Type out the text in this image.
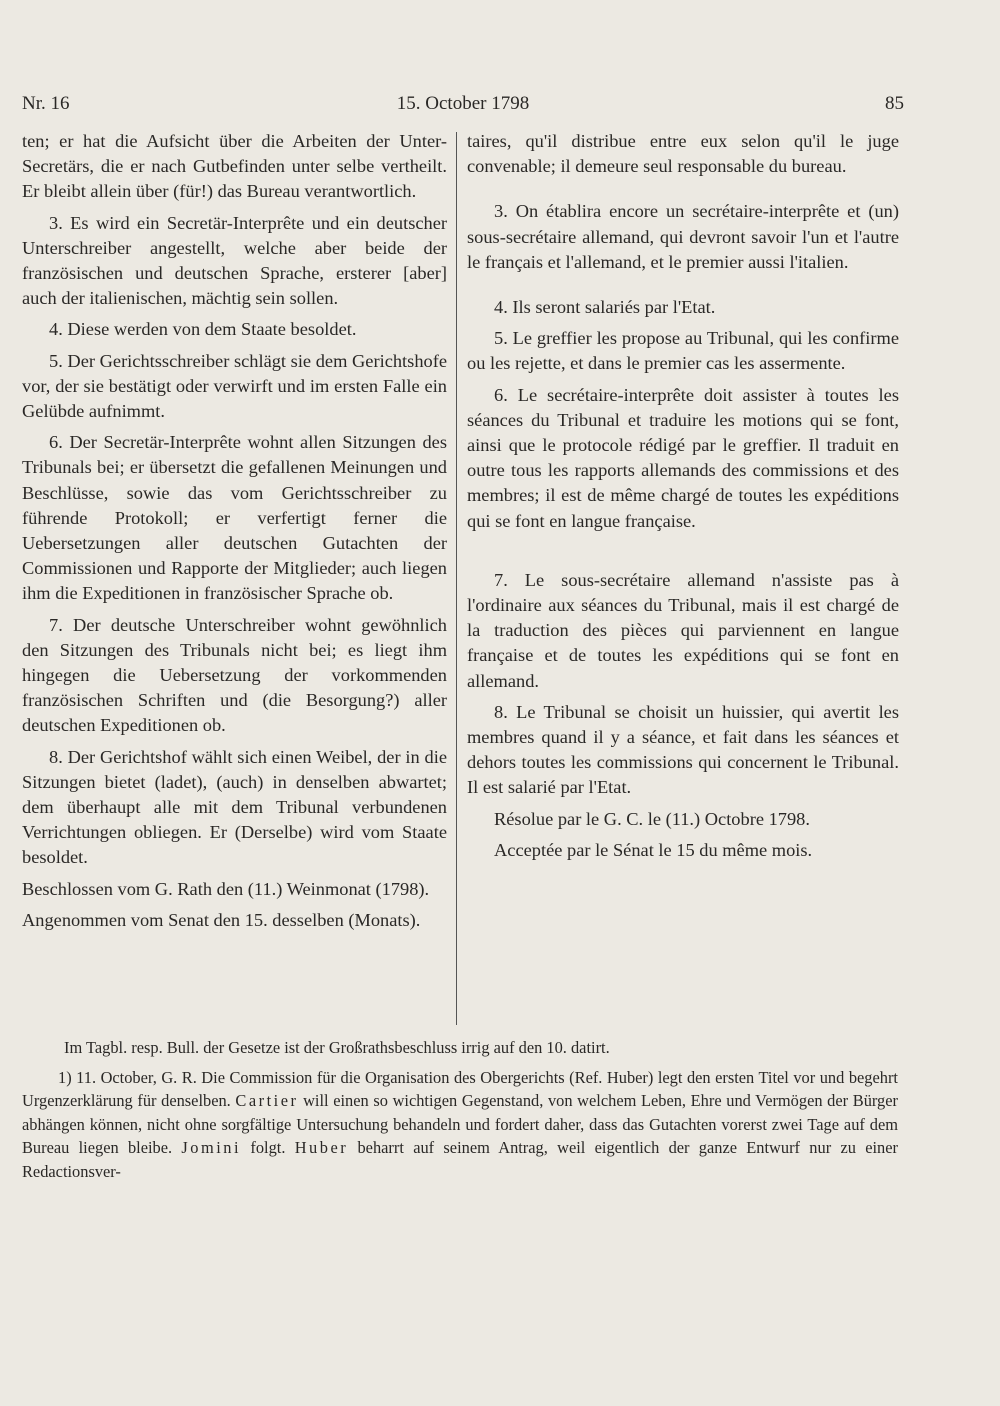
Nr. 16	15. October 1798	85

ten; er hat die Aufsicht über die Arbeiten der Unter-Secretärs, die er nach Gutbefinden unter selbe vertheilt. Er bleibt allein über (für!) das Bureau verantwortlich.

3. Es wird ein Secretär-Interprête und ein deutscher Unterschreiber angestellt, welche aber beide der französischen und deutschen Sprache, ersterer [aber] auch der italienischen, mächtig sein sollen.

4. Diese werden von dem Staate besoldet.

5. Der Gerichtsschreiber schlägt sie dem Gerichtshofe vor, der sie bestätigt oder verwirft und im ersten Falle ein Gelübde aufnimmt.

6. Der Secretär-Interprête wohnt allen Sitzungen des Tribunals bei; er übersetzt die gefallenen Meinungen und Beschlüsse, sowie das vom Gerichtsschreiber zu führende Protokoll; er verfertigt ferner die Uebersetzungen aller deutschen Gutachten der Commissionen und Rapporte der Mitglieder; auch liegen ihm die Expeditionen in französischer Sprache ob.

7. Der deutsche Unterschreiber wohnt gewöhnlich den Sitzungen des Tribunals nicht bei; es liegt ihm hingegen die Uebersetzung der vorkommenden französischen Schriften und (die Besorgung?) aller deutschen Expeditionen ob.

8. Der Gerichtshof wählt sich einen Weibel, der in die Sitzungen bietet (ladet), (auch) in denselben abwartet; dem überhaupt alle mit dem Tribunal verbundenen Verrichtungen obliegen. Er (Derselbe) wird vom Staate besoldet.

Beschlossen vom G. Rath den (11.) Weinmonat (1798).

Angenommen vom Senat den 15. desselben (Monats).

taires, qu'il distribue entre eux selon qu'il le juge convenable; il demeure seul responsable du bureau.

3. On établira encore un secrétaire-interprête et (un) sous-secrétaire allemand, qui devront savoir l'un et l'autre le français et l'allemand, et le premier aussi l'italien.

4. Ils seront salariés par l'Etat.

5. Le greffier les propose au Tribunal, qui les confirme ou les rejette, et dans le premier cas les assermente.

6. Le secrétaire-interprête doit assister à toutes les séances du Tribunal et traduire les motions qui se font, ainsi que le protocole rédigé par le greffier. Il traduit en outre tous les rapports allemands des commissions et des membres; il est de même chargé de toutes les expéditions qui se font en langue française.

7. Le sous-secrétaire allemand n'assiste pas à l'ordinaire aux séances du Tribunal, mais il est chargé de la traduction des pièces qui parviennent en langue française et de toutes les expéditions qui se font en allemand.

8. Le Tribunal se choisit un huissier, qui avertit les membres quand il y a séance, et fait dans les séances et dehors toutes les commissions qui concernent le Tribunal. Il est salarié par l'Etat.

Résolue par le G. C. le (11.) Octobre 1798.

Acceptée par le Sénat le 15 du même mois.

Im Tagbl. resp. Bull. der Gesetze ist der Großrathsbeschluss irrig auf den 10. datirt.

1) 11. October, G. R. Die Commission für die Organisation des Obergerichts (Ref. Huber) legt den ersten Titel vor und begehrt Urgenzerklärung für denselben. Cartier will einen so wichtigen Gegenstand, von welchem Leben, Ehre und Vermögen der Bürger abhängen können, nicht ohne sorgfältige Untersuchung behandeln und fordert daher, dass das Gutachten vorerst zwei Tage auf dem Bureau liegen bleibe. Jomini folgt. Huber beharrt auf seinem Antrag, weil eigentlich der ganze Entwurf nur zu einer Redactionsver-
